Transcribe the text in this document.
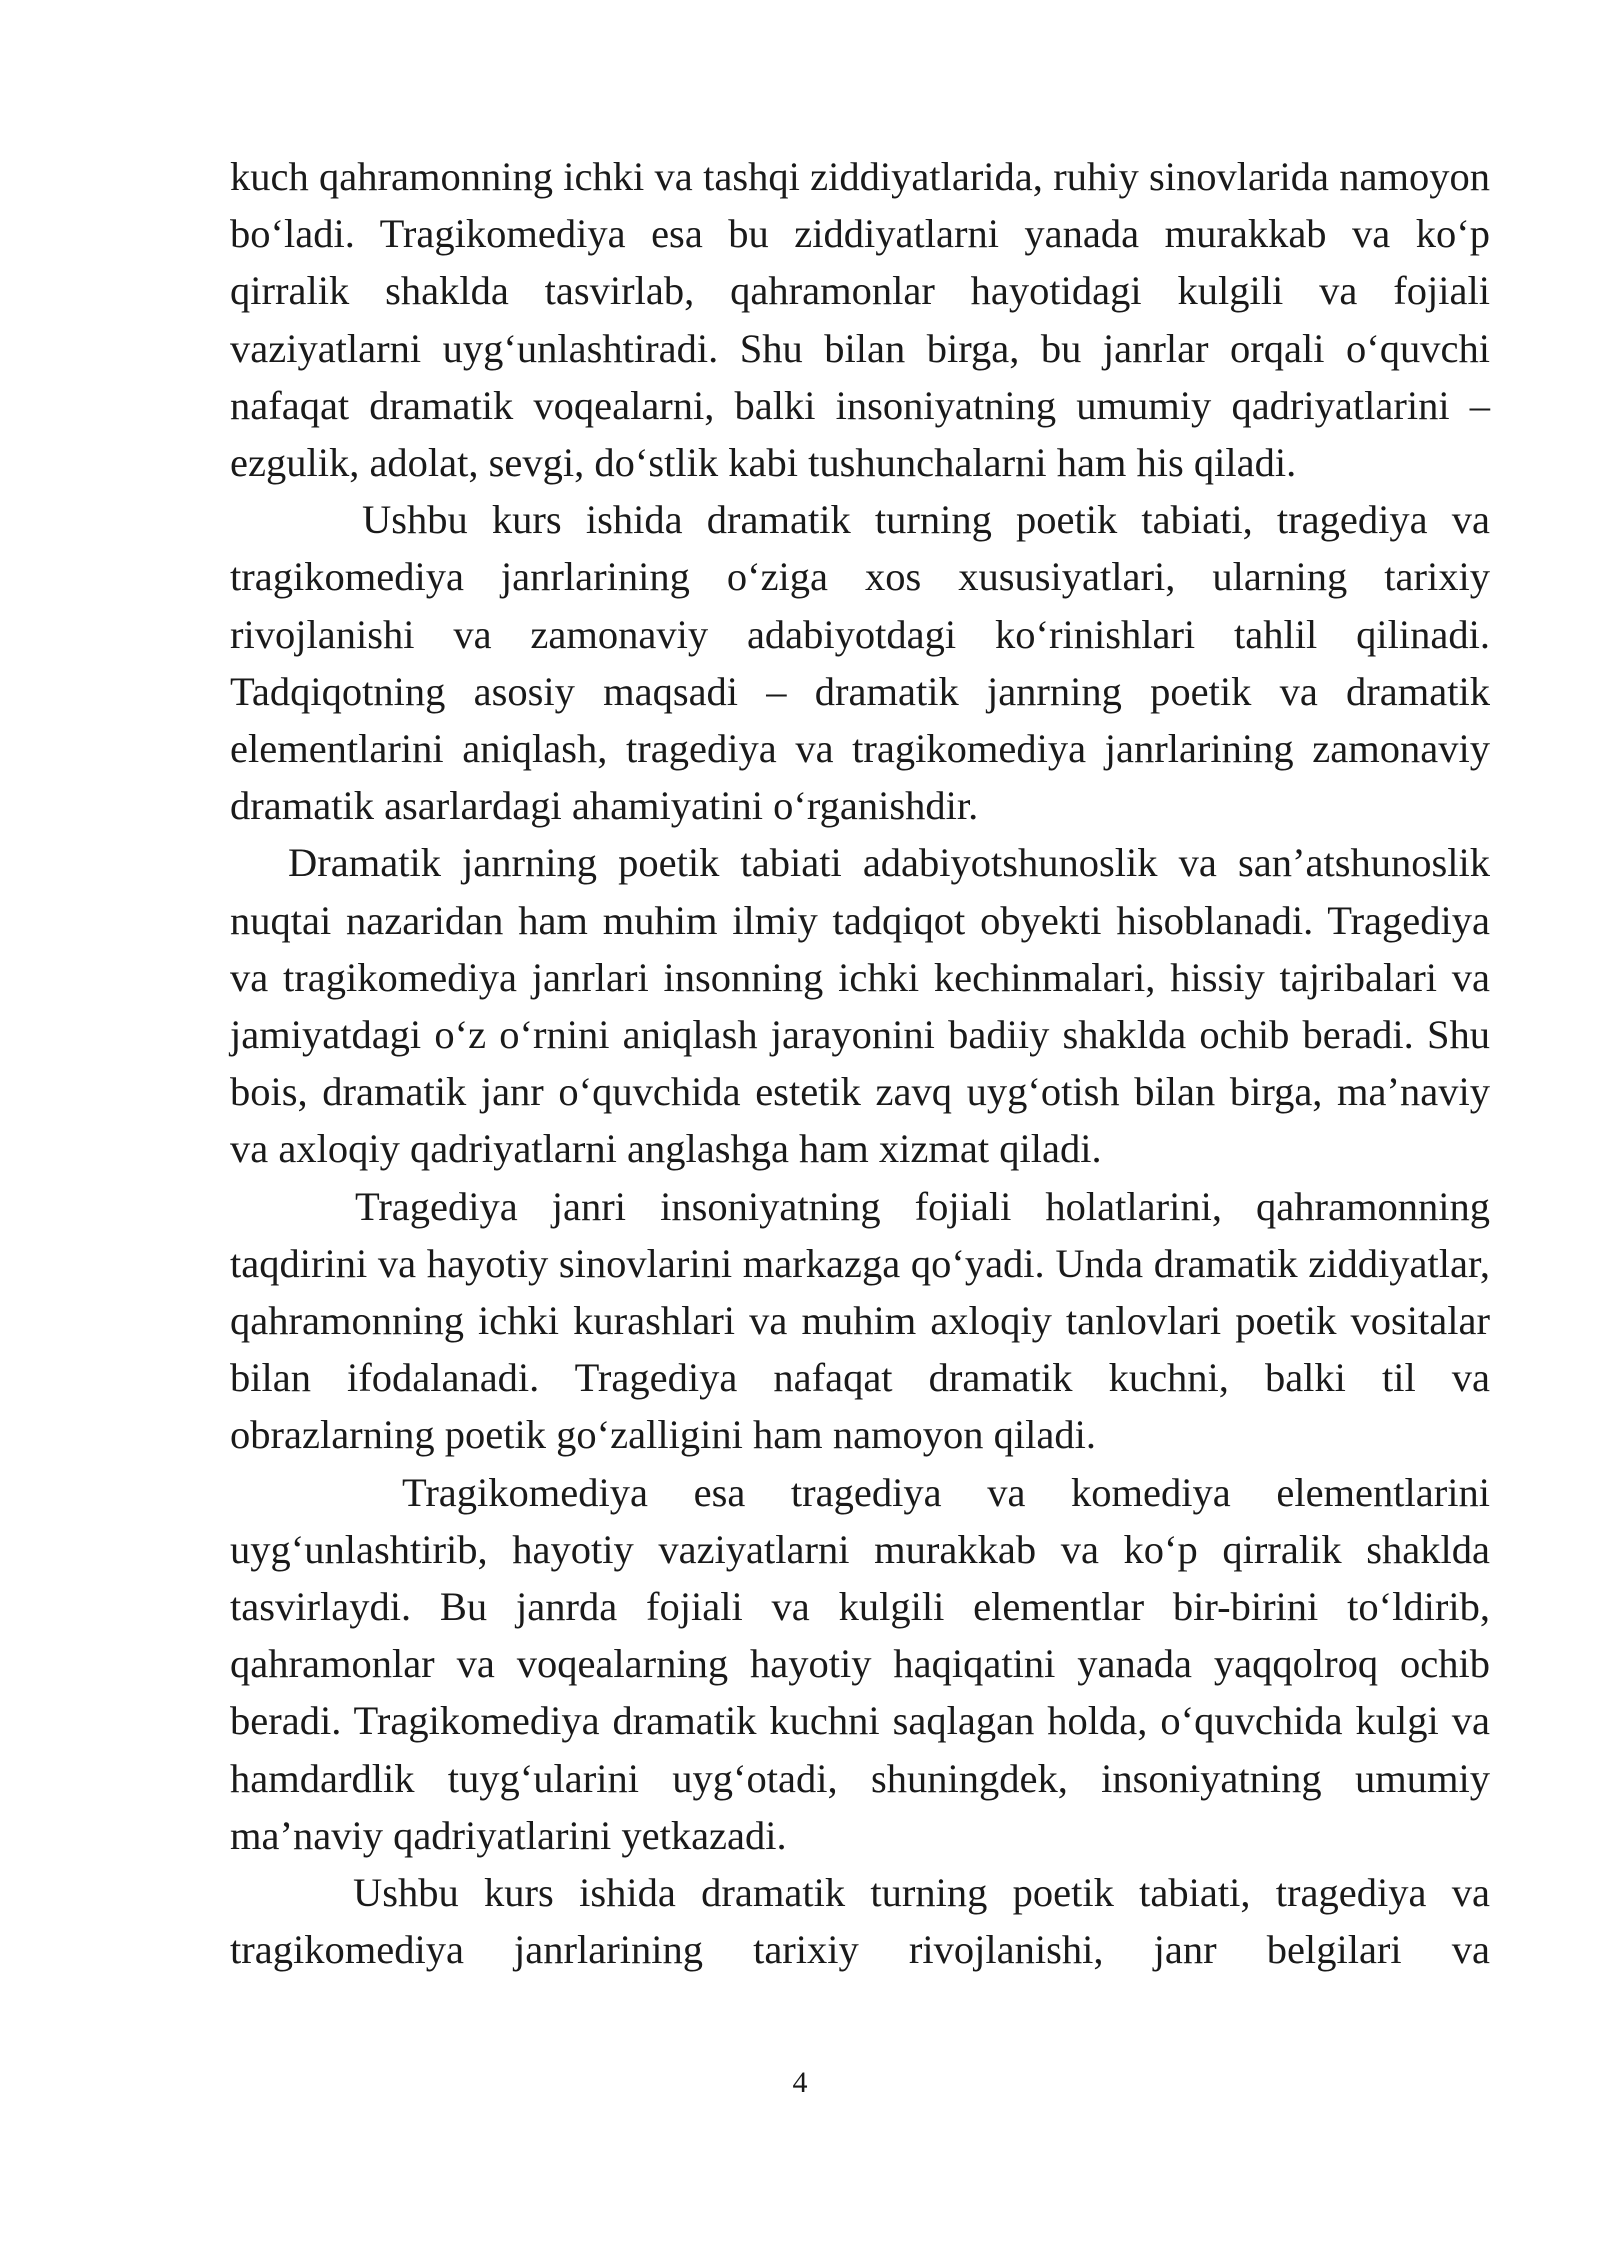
kuch qahramonning ichki va tashqi ziddiyatlarida, ruhiy sinovlarida namoyon bo‘ladi. Tragikomediya esa bu ziddiyatlarni yanada murakkab va ko‘p qirralik shaklda tasvirlab, qahramonlar hayotidagi kulgili va fojiali vaziyatlarni uyg‘unlashtiradi. Shu bilan birga, bu janrlar orqali o‘quvchi nafaqat dramatik voqealarni, balki insoniyatning umumiy qadriyatlarini – ezgulik, adolat, sevgi, do‘stlik kabi tushunchalarni ham his qiladi.

Ushbu kurs ishida dramatik turning poetik tabiati, tragediya va tragikomediya janrlarining o‘ziga xos xususiyatlari, ularning tarixiy rivojlanishi va zamonaviy adabiyotdagi ko‘rinishlari tahlil qilinadi. Tadqiqotning asosiy maqsadi – dramatik janrning poetik va dramatik elementlarini aniqlash, tragediya va tragikomediya janrlarining zamonaviy dramatik asarlardagi ahamiyatini o‘rganishdir.

Dramatik janrning poetik tabiati adabiyotshunoslik va san’atshunoslik nuqtai nazaridan ham muhim ilmiy tadqiqot obyekti hisoblanadi. Tragediya va tragikomediya janrlari insonning ichki kechinmalari, hissiy tajribalari va jamiyatdagi o‘z o‘rnini aniqlash jarayonini badiiy shaklda ochib beradi. Shu bois, dramatik janr o‘quvchida estetik zavq uyg‘otish bilan birga, ma’naviy va axloqiy qadriyatlarni anglashga ham xizmat qiladi.

Tragediya janri insoniyatning fojiali holatlarini, qahramonning taqdirini va hayotiy sinovlarini markazga qo‘yadi. Unda dramatik ziddiyatlar, qahramonning ichki kurashlari va muhim axloqiy tanlovlari poetik vositalar bilan ifodalanadi. Tragediya nafaqat dramatik kuchni, balki til va obrazlarning poetik go‘zalligini ham namoyon qiladi.

Tragikomediya esa tragediya va komediya elementlarini uyg‘unlashtirib, hayotiy vaziyatlarni murakkab va ko‘p qirralik shaklda tasvirlaydi. Bu janrda fojiali va kulgili elementlar bir-birini to‘ldirib, qahramonlar va voqealarning hayotiy haqiqatini yanada yaqqolroq ochib beradi. Tragikomediya dramatik kuchni saqlagan holda, o‘quvchida kulgi va hamdardlik tuyg‘ularini uyg‘otadi, shuningdek, insoniyatning umumiy ma’naviy qadriyatlarini yetkazadi.

Ushbu kurs ishida dramatik turning poetik tabiati, tragediya va tragikomediya janrlarining tarixiy rivojlanishi, janr belgilari va

4
